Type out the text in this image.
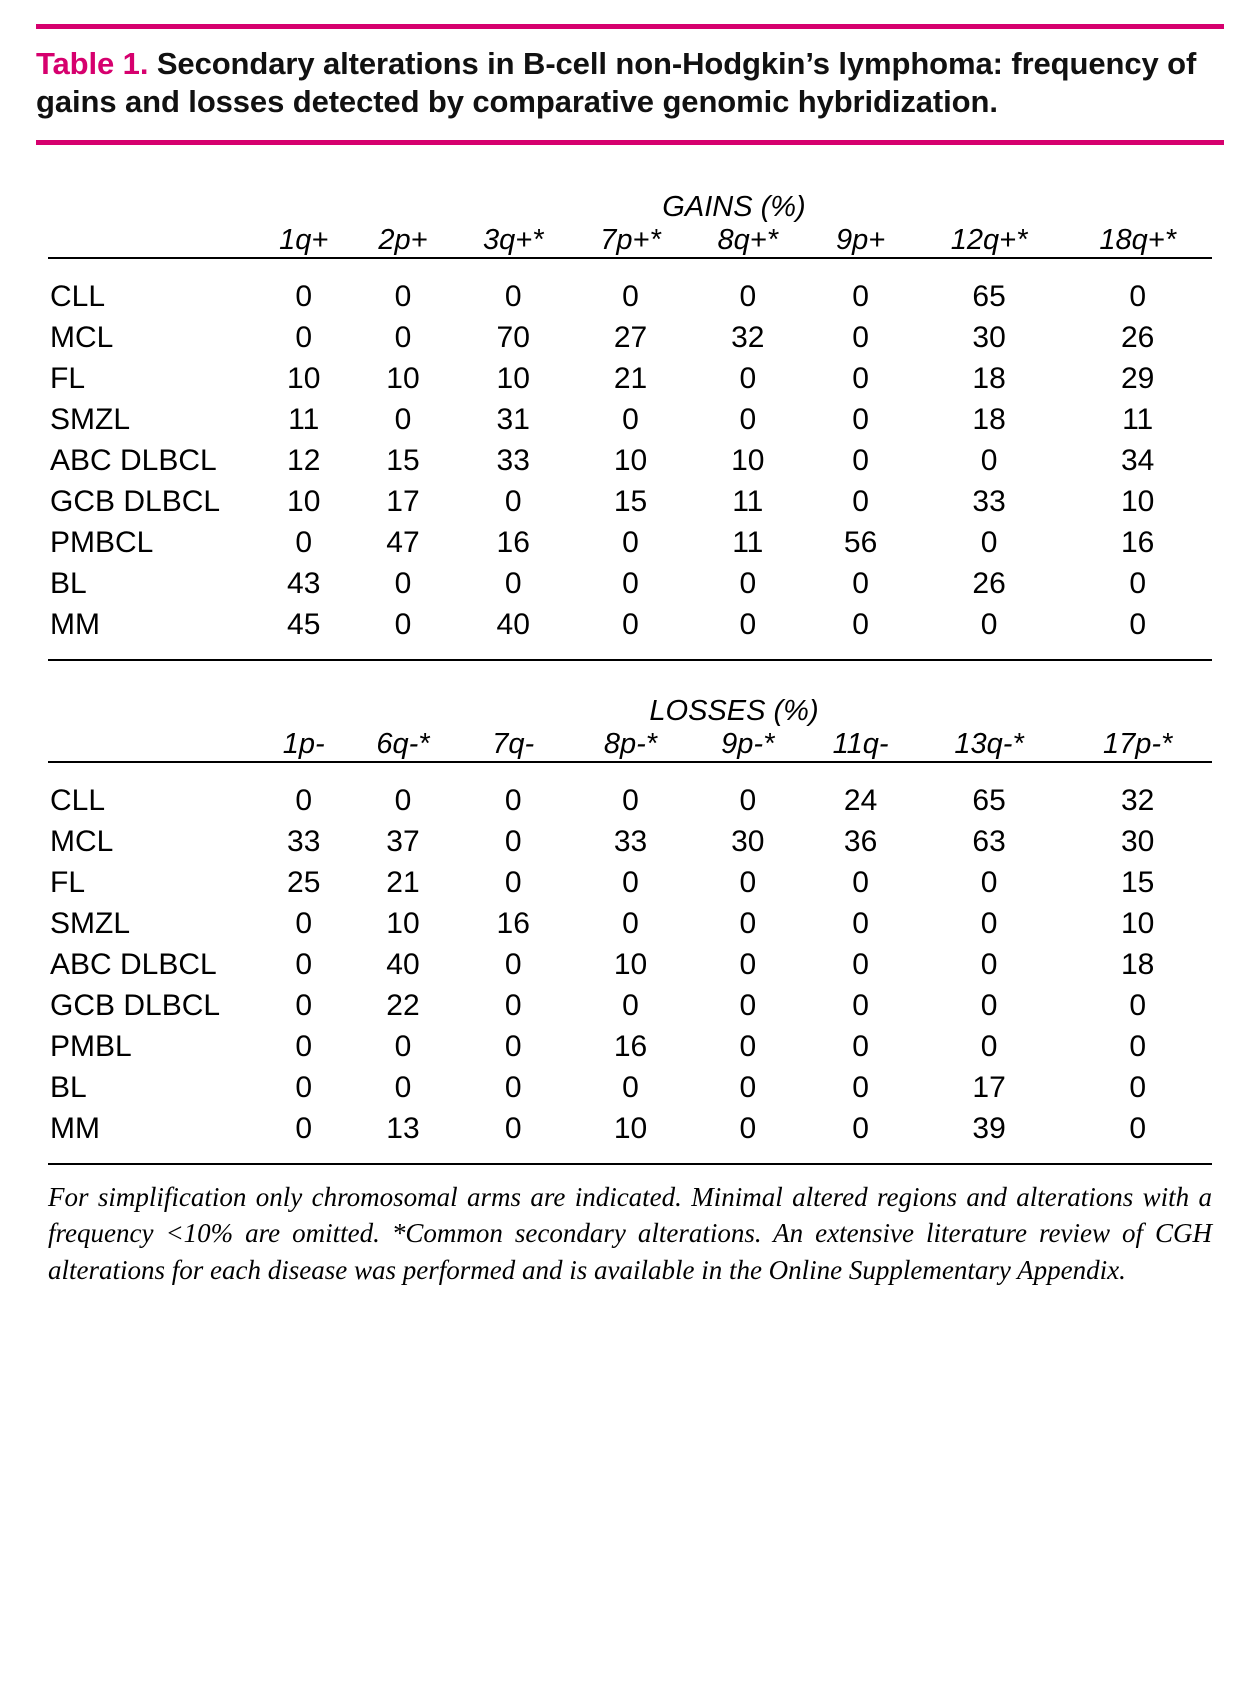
Table 1. Secondary alterations in B-cell non-Hodgkin’s lymphoma: frequency of gains and losses detected by comparative genomic hybridization.
	GAINS (%)							
	1q+	2p+	3q+*	7p+*	8q+*	9p+	12q+*	18q+*

CLL	0	0	0	0	0	0	65	0
MCL	0	0	70	27	32	0	30	26
FL	10	10	10	21	0	0	18	29
SMZL	11	0	31	0	0	0	18	11
ABC DLBCL	12	15	33	10	10	0	0	34
GCB DLBCL	10	17	0	15	11	0	33	10
PMBCL	0	47	16	0	11	56	0	16
BL	43	0	0	0	0	0	26	0
MM	45	0	40	0	0	0	0	0

	LOSSES (%)							
	1p-	6q-*	7q-	8p-*	9p-*	11q-	13q-*	17p-*

CLL	0	0	0	0	0	24	65	32
MCL	33	37	0	33	30	36	63	30
FL	25	21	0	0	0	0	0	15
SMZL	0	10	16	0	0	0	0	10
ABC DLBCL	0	40	0	10	0	0	0	18
GCB DLBCL	0	22	0	0	0	0	0	0
PMBL	0	0	0	16	0	0	0	0
BL	0	0	0	0	0	0	17	0
MM	0	13	0	10	0	0	39	0

For simplification only chromosomal arms are indicated. Minimal altered regions and alterations with a frequency <10% are omitted. *Common secondary alterations. An extensive literature review of CGH alterations for each disease was performed and is available in the Online Supplementary Appendix.
